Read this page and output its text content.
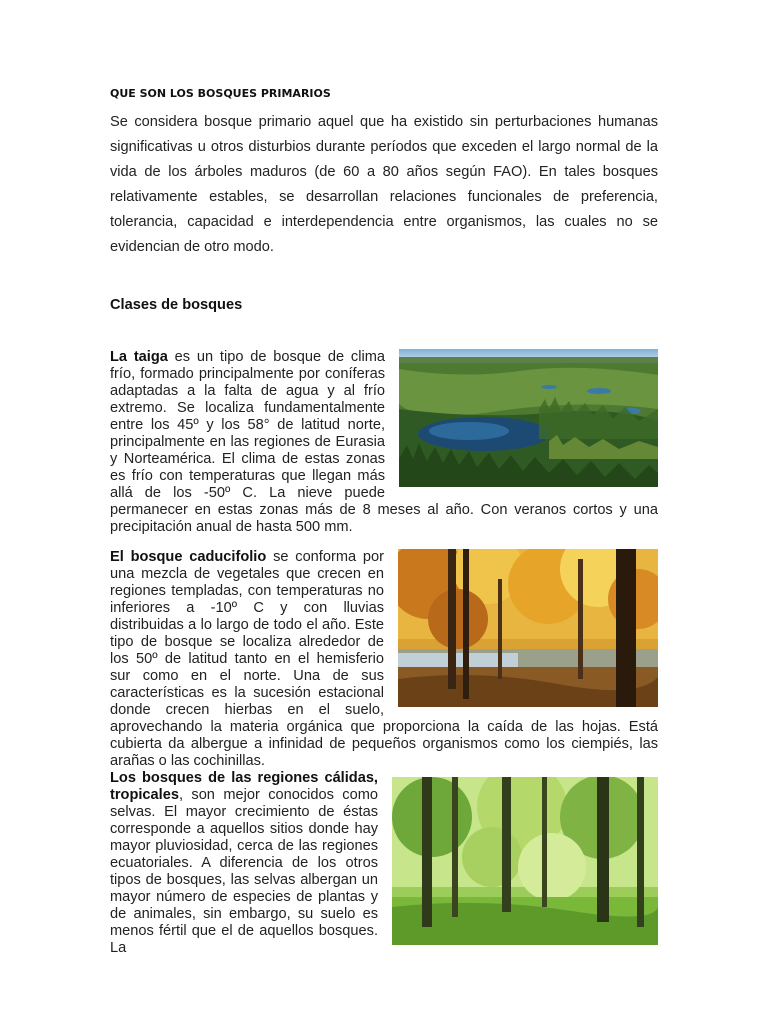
QUE SON LOS BOSQUES PRIMARIOS
Se considera bosque primario aquel que ha existido sin perturbaciones humanas significativas u otros disturbios durante períodos que exceden el largo normal de la vida de los árboles maduros (de 60 a 80 años según FAO). En tales bosques relativamente estables, se desarrollan relaciones funcionales de preferencia, tolerancia, capacidad e interdependencia entre organismos, las cuales no se evidencian de otro modo.
Clases de bosques
La taiga es un tipo de bosque de clima frío, formado principalmente por coníferas adaptadas a la falta de agua y al frío extremo. Se localiza fundamentalmente entre los 45º y los 58° de latitud norte, principalmente en las regiones de Eurasia y Norteamérica. El clima de estas zonas es frío con temperaturas que llegan más allá de los -50º C. La nieve puede permanecer en estas zonas más de 8 meses al año. Con veranos cortos y una precipitación anual de hasta 500 mm.
El bosque caducifolio se conforma por una mezcla de vegetales que crecen en regiones templadas, con temperaturas no inferiores a -10º C y con lluvias distribuidas a lo largo de todo el año. Este tipo de bosque se localiza alrededor de los 50º de latitud tanto en el hemisferio sur como en el norte. Una de sus características es la sucesión estacional donde crecen hierbas en el suelo, aprovechando la materia orgánica que proporciona la caída de las hojas. Está cubierta da albergue a infinidad de pequeños organismos como los ciempiés, las arañas o las cochinillas.
Los bosques de las regiones cálidas, tropicales, son mejor conocidos como selvas. El mayor crecimiento de éstas corresponde a aquellos sitios donde hay mayor pluviosidad, cerca de las regiones ecuatoriales. A diferencia de los otros tipos de bosques, las selvas albergan un mayor número de especies de plantas y de animales, sin embargo, su suelo es menos fértil que el de aquellos bosques. La
